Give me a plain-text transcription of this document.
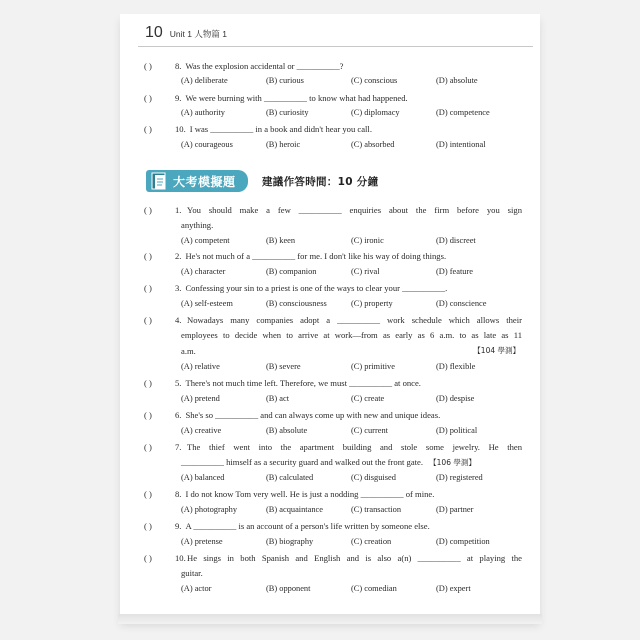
10 Unit 1 人物篇 1
( )	8. Was the explosion accidental or __________?
(A) deliberate	(B) curious	(C) conscious	(D) absolute
( )	9. We were burning with __________ to know what had happened.
(A) authority	(B) curiosity	(C) diplomacy	(D) competence
( )	10. I was __________ in a book and didn't hear you call.
(A) courageous	(B) heroic	(C) absorbed	(D) intentional
大考模擬題	建議作答時間：10 分鐘
( )	1. You should make a few __________ enquiries about the firm before you sign
anything.
(A) competent	(B) keen	(C) ironic	(D) discreet
( )	2. He's not much of a __________ for me. I don't like his way of doing things.
(A) character	(B) companion	(C) rival	(D) feature
( )	3. Confessing your sin to a priest is one of the ways to clear your __________.
(A) self-esteem	(B) consciousness	(C) property	(D) conscience
( )	4. Nowadays many companies adopt a __________ work schedule which allows their
employees to decide when to arrive at work—from as early as 6 a.m. to as late as 11
a.m.	【104 學測】
(A) relative	(B) severe	(C) primitive	(D) flexible
( )	5. There's not much time left. Therefore, we must __________ at once.
(A) pretend	(B) act	(C) create	(D) despise
( )	6. She's so __________ and can always come up with new and unique ideas.
(A) creative	(B) absolute	(C) current	(D) political
( )	7. The thief went into the apartment building and stole some jewelry. He then
__________ himself as a security guard and walked out the front gate. 【106 學測】
(A) balanced	(B) calculated	(C) disguised	(D) registered
( )	8. I do not know Tom very well. He is just a nodding __________ of mine.
(A) photography	(B) acquaintance	(C) transaction	(D) partner
( )	9. A __________ is an account of a person's life written by someone else.
(A) pretense	(B) biography	(C) creation	(D) competition
( )	10. He sings in both Spanish and English and is also a(n) __________ at playing the
guitar.
(A) actor	(B) opponent	(C) comedian	(D) expert
